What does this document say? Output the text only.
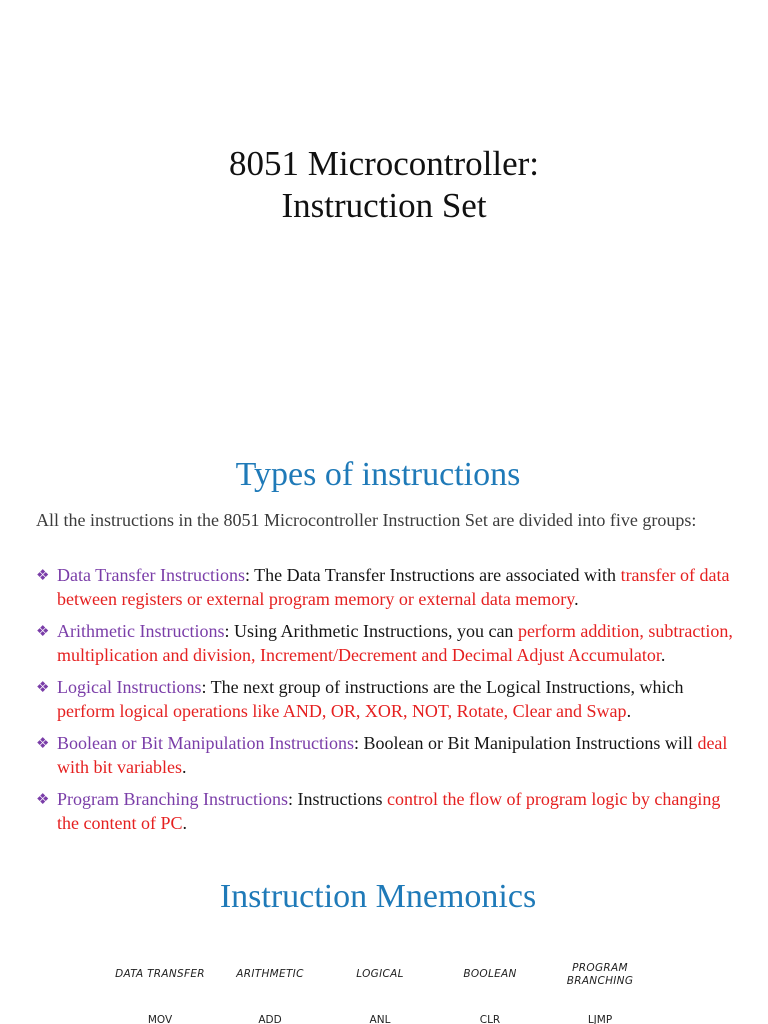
8051 Microcontroller:
Instruction Set
Types of instructions
All the instructions in the 8051 Microcontroller Instruction Set are divided into five groups:
❖ Data Transfer Instructions: The Data Transfer Instructions are associated with transfer of data between registers or external program memory or external data memory.
❖ Arithmetic Instructions: Using Arithmetic Instructions, you can perform addition, subtraction, multiplication and division, Increment/Decrement and Decimal Adjust Accumulator.
❖ Logical Instructions: The next group of instructions are the Logical Instructions, which perform logical operations like AND, OR, XOR, NOT, Rotate, Clear and Swap.
❖ Boolean or Bit Manipulation Instructions: Boolean or Bit Manipulation Instructions will deal with bit variables.
❖ Program Branching Instructions: Instructions control the flow of program logic by changing the content of PC.
Instruction Mnemonics
DATA TRANSFER	ARITHMETIC	LOGICAL	BOOLEAN	PROGRAM
BRANCHING
MOV	ADD	ANL	CLR	LJMP
